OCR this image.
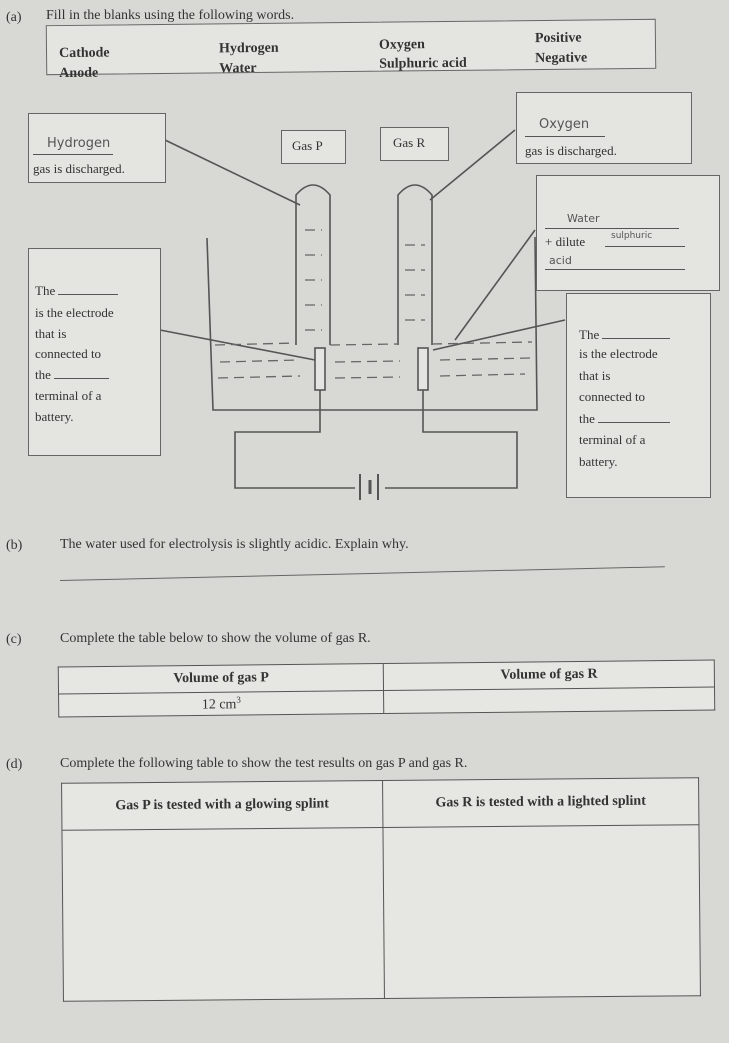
(a) Fill in the blanks using the following words.
Cathode
Anode
Hydrogen
Water
Oxygen
Sulphuric acid
Positive
Negative
Hydrogen
gas is discharged.
Gas P	Gas R
Oxygen
gas is discharged.
Water
+ dilute	sulphuric
acid
The
is the electrode
that is
connected to
the
terminal of a
battery.
The
is the electrode
that is
connected to
the
terminal of a
battery.
(b)	The water used for electrolysis is slightly acidic. Explain why.
(c)	Complete the table below to show the volume of gas R.
Volume of gas P	Volume of gas R
12 $cm^3$	
(d)	Complete the following table to show the test results on gas P and gas R.
Gas P is tested with a glowing splint	Gas R is tested with a lighted splint
